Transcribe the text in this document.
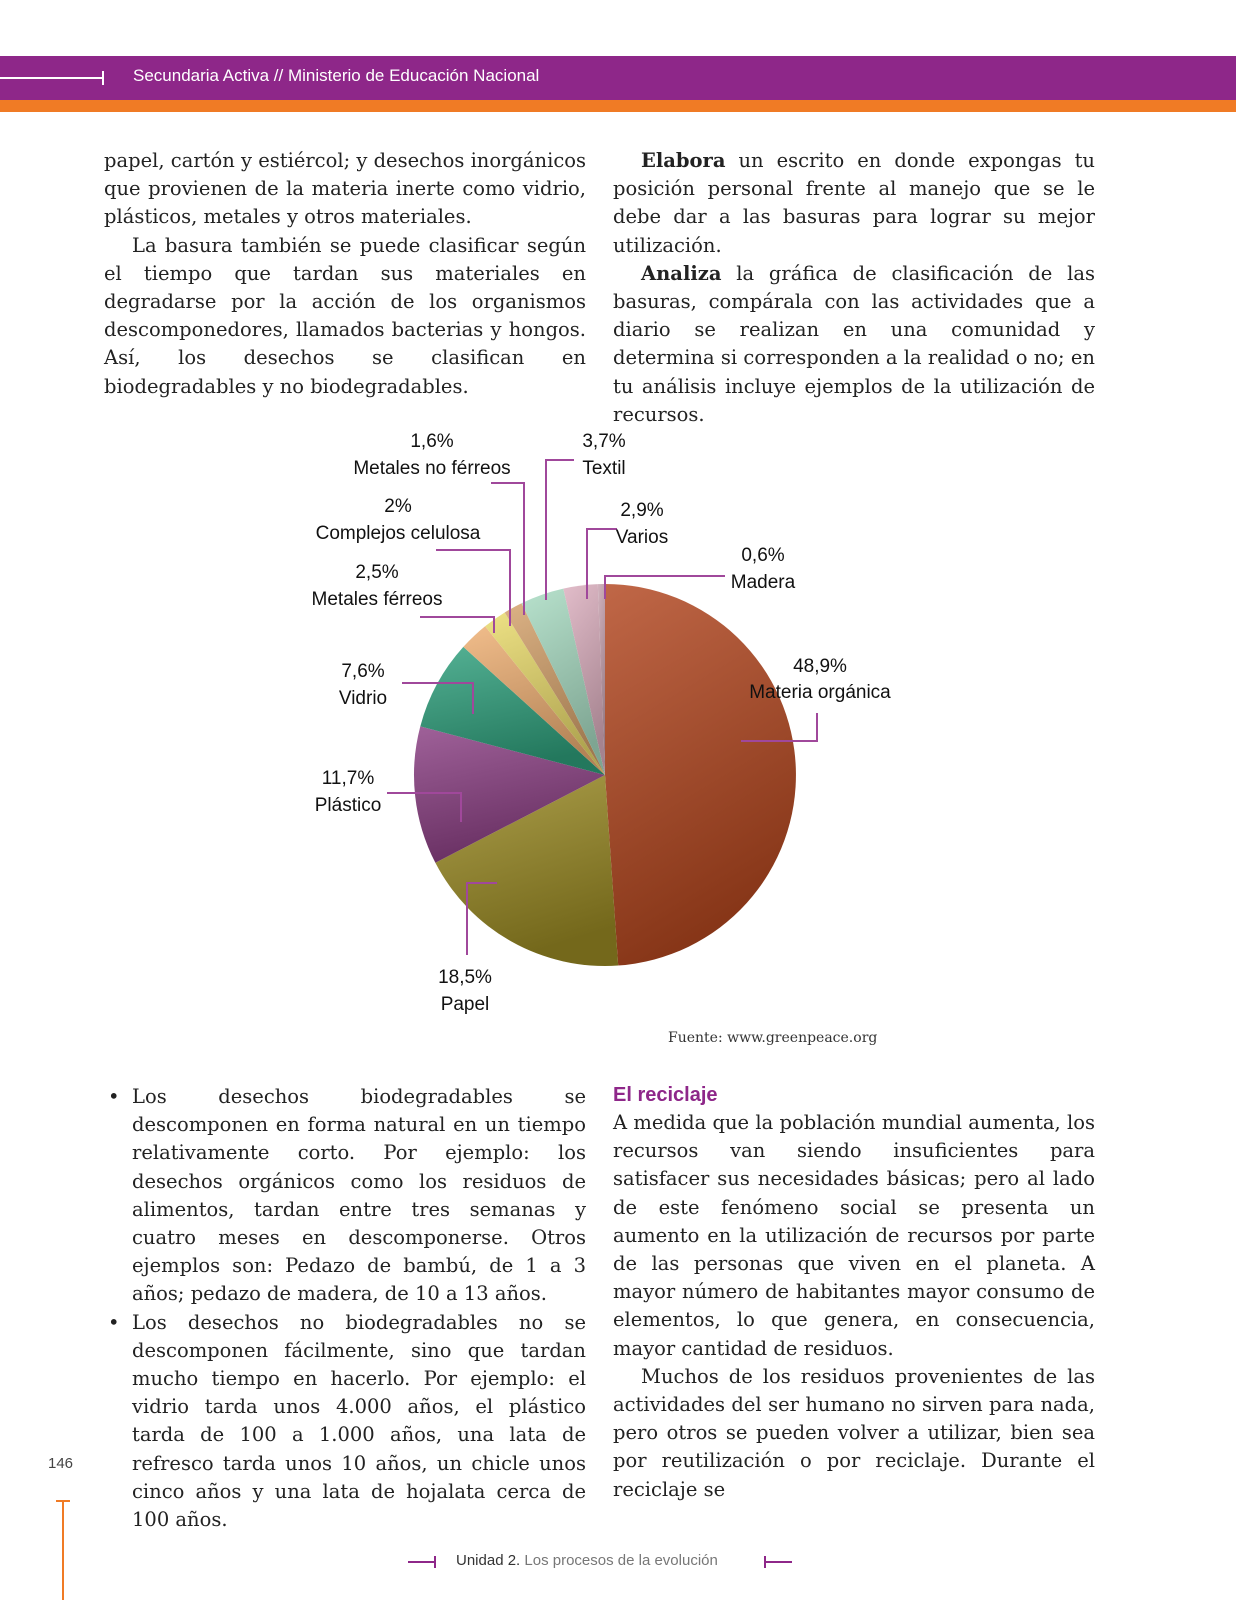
Secundaria Activa // Ministerio de Educación Nacional

papel, cartón y estiércol; y desechos inorgánicos que provienen de la materia inerte como vidrio, plásticos, metales y otros materiales.

La basura también se puede clasificar según el tiempo que tardan sus materiales en degradarse por la acción de los organismos descomponedores, llamados bacterias y hongos. Así, los desechos se clasifican en biodegradables y no biodegradables.

Elabora un escrito en donde expongas tu posición personal frente al manejo que se le debe dar a las basuras para lograr su mejor utilización.

Analiza la gráfica de clasificación de las basuras, compárala con las actividades que a diario se realizan en una comunidad y determina si corresponden a la realidad o no; en tu análisis incluye ejemplos de la utilización de recursos.

48,9%
Materia orgánica
18,5%
Papel
11,7%
Plástico
7,6%
Vidrio
2,5%
Metales férreos
2%
Complejos celulosa
1,6%
Metales no férreos
3,7%
Textil
2,9%
Varios
0,6%
Madera
Fuente: www.greenpeace.org
• Los desechos biodegradables se descomponen en forma natural en un tiempo relativamente corto. Por ejemplo: los desechos orgánicos como los residuos de alimentos, tardan entre tres semanas y cuatro meses en descomponerse. Otros ejemplos son: Pedazo de bambú, de 1 a 3 años; pedazo de madera, de 10 a 13 años.
• Los desechos no biodegradables no se descomponen fácilmente, sino que tardan mucho tiempo en hacerlo. Por ejemplo: el vidrio tarda unos 4.000 años, el plástico tarda de 100 a 1.000 años, una lata de refresco tarda unos 10 años, un chicle unos cinco años y una lata de hojalata cerca de 100 años.
El reciclaje

A medida que la población mundial aumenta, los recursos van siendo insuficientes para satisfacer sus necesidades básicas; pero al lado de este fenómeno social se presenta un aumento en la utilización de recursos por parte de las personas que viven en el planeta. A mayor número de habitantes mayor consumo de elementos, lo que genera, en consecuencia, mayor cantidad de residuos.

Muchos de los residuos provenientes de las actividades del ser humano no sirven para nada, pero otros se pueden volver a utilizar, bien sea por reutilización o por reciclaje. Durante el reciclaje se

146
Unidad 2. Los procesos de la evolución
